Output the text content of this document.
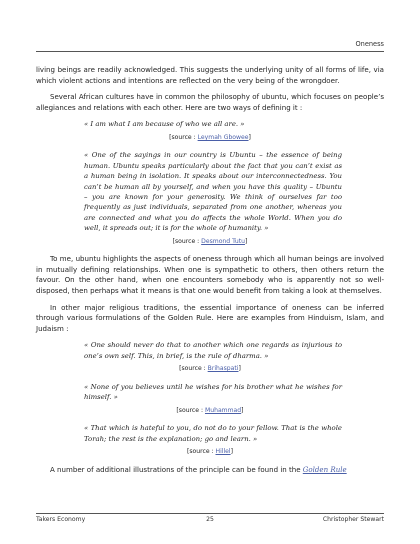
Oneness

living beings are readily acknowledged. This suggests the underlying unity of all forms of life, via which violent actions and intentions are reflected on the very being of the wrongdoer.

Several African cultures have in common the philosophy of ubuntu, which focuses on people’s allegiances and relations with each other. Here are two ways of defining it :

« I am what I am because of who we all are. »
[source : Leymah Gbowee]
« One of the sayings in our country is Ubuntu – the essence of being human. Ubuntu speaks particularly about the fact that you can’t exist as a human being in isolation. It speaks about our interconnectedness. You can’t be human all by yourself, and when you have this quality – Ubuntu – you are known for your generosity. We think of ourselves far too frequently as just individuals, separated from one another, whereas you are connected and what you do affects the whole World. When you do well, it spreads out; it is for the whole of humanity. »
[source : Desmond Tutu]

To me, ubuntu highlights the aspects of oneness through which all human beings are involved in mutually defining relationships. When one is sympathetic to others, then others return the favour. On the other hand, when one encounters somebody who is apparently not so well-disposed, then perhaps what it means is that one would benefit from taking a look at themselves.

In other major religious traditions, the essential importance of oneness can be inferred through various formulations of the Golden Rule. Here are examples from Hinduism, Islam, and Judaism :

« One should never do that to another which one regards as injurious to one’s own self. This, in brief, is the rule of dharma. »
[source : Brihaspati]
« None of you believes until he wishes for his brother what he wishes for himself. »
[source : Muhammad]
« That which is hateful to you, do not do to your fellow. That is the whole Torah; the rest is the explanation; go and learn. »
[source : Hillel]

A number of additional illustrations of the principle can be found in the Golden Rule

Takers Economy	25	Christopher Stewart
